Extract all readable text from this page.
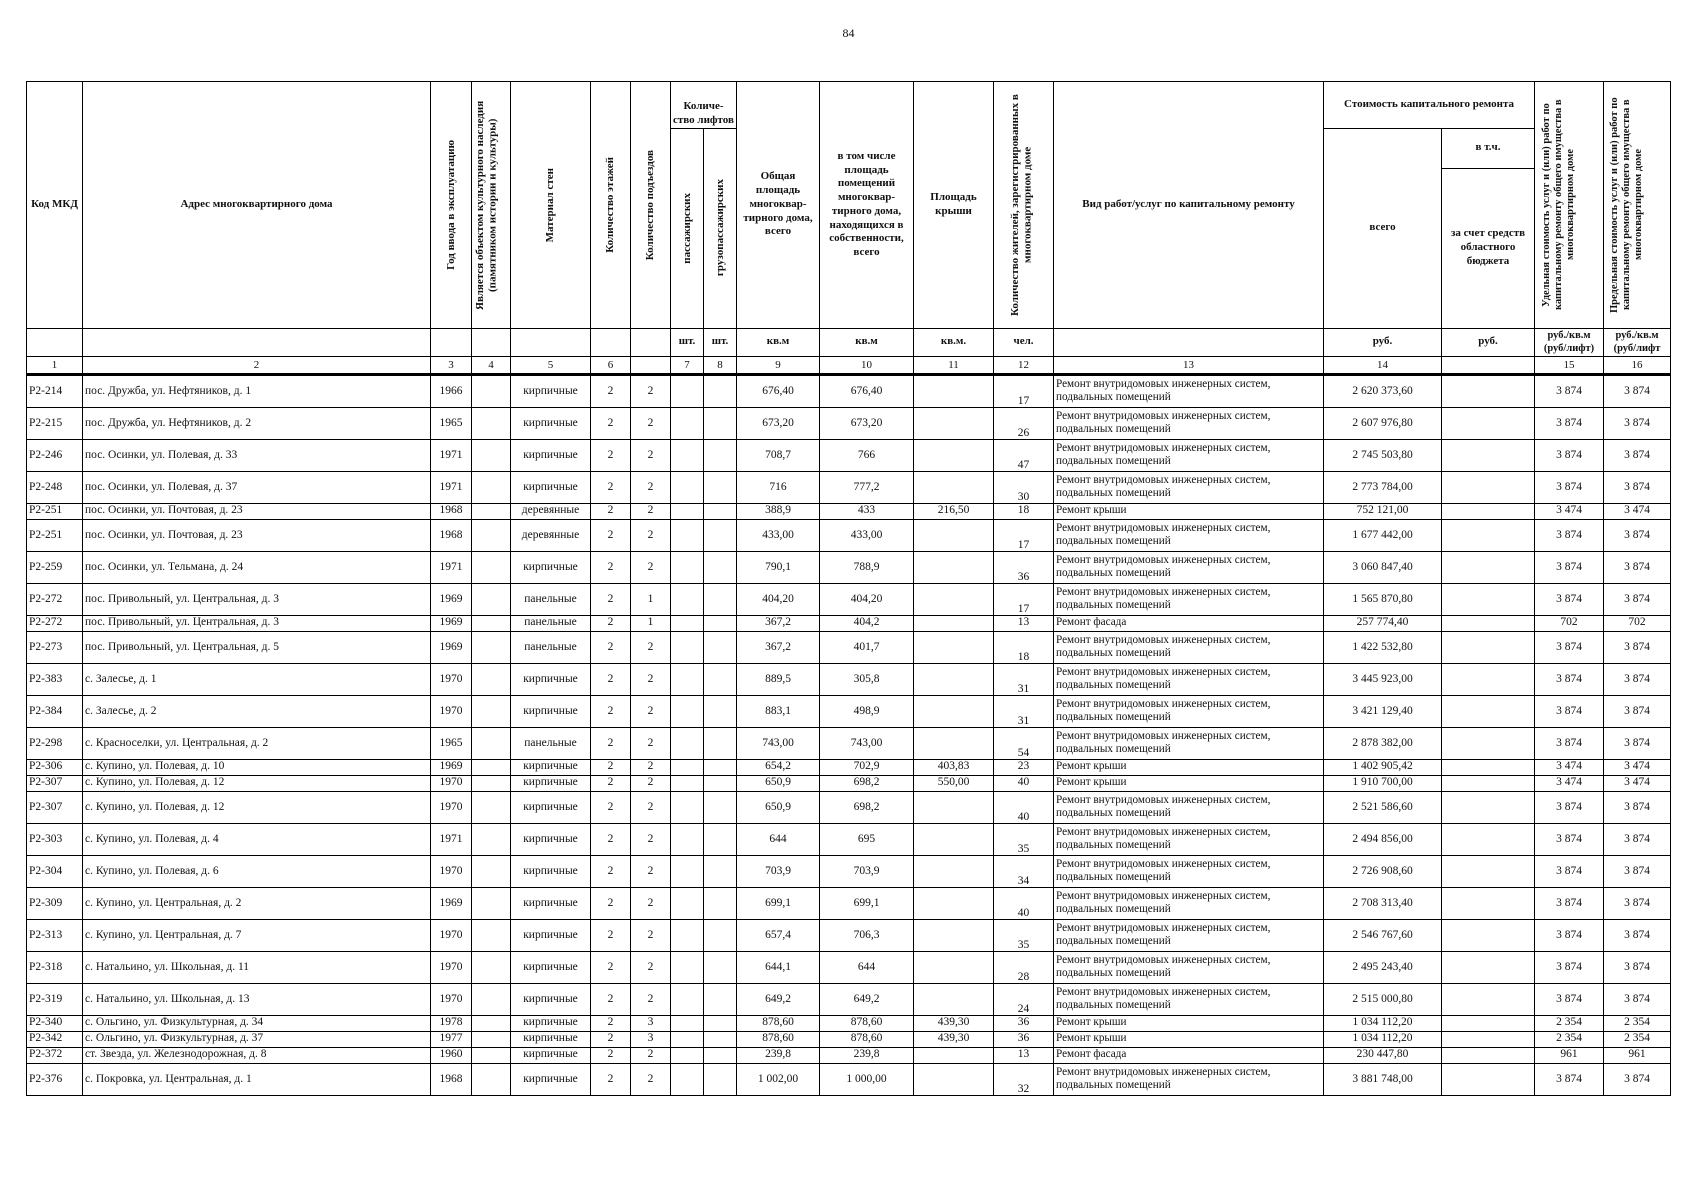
84
Код МКД	Адрес многоквартирного дома	Год ввода в эксплуатацию	Является объектом культурного наследия (памятником истории и культуры)	Материал стен	Количество этажей	Количество подъездов	Количе-ство лифтов		Общая площадь многоквар-тирного дома, всего	в том числе площадь помещений многоквар-тирного дома, находящихся в собственности, всего	Площадь крыши	Количество жителей, зарегистрированных в многоквартирном доме	Вид работ/услуг по капитальному ремонту	Стоимость капитального ремонта		Удельная стоимость услуг и (или) работ по капитальному ремонту общего имущества в многоквартирном доме	Предельная стоимость услуг и (или) работ по капитальному ремонту общего имущества в многоквартирном доме

							пассажирских	грузопассажирских						всего	в т.ч.		
															за счет средств областного бюджета		
							шт.	шт.	кв.м	кв.м	кв.м.	чел.		руб.	руб.	руб./кв.м (руб/лифт)	руб./кв.м (руб/лифт
1	2	3	4	5	6		7	8	9	10	11	12	13	14		15	16
Р2-214	пос. Дружба, ул. Нефтяников, д. 1	1966		кирпичные	2	2			676,40	676,40		17	Ремонт внутридомовых инженерных систем, подвальных помещений	2 620 373,60		3 874	3 874
Р2-215	пос. Дружба, ул. Нефтяников, д. 2	1965		кирпичные	2	2			673,20	673,20		26	Ремонт внутридомовых инженерных систем, подвальных помещений	2 607 976,80		3 874	3 874
Р2-246	пос. Осинки, ул. Полевая, д. 33	1971		кирпичные	2	2			708,7	766		47	Ремонт внутридомовых инженерных систем, подвальных помещений	2 745 503,80		3 874	3 874
Р2-248	пос. Осинки, ул. Полевая, д. 37	1971		кирпичные	2	2			716	777,2		30	Ремонт внутридомовых инженерных систем, подвальных помещений	2 773 784,00		3 874	3 874
Р2-251	пос. Осинки, ул. Почтовая, д. 23	1968		деревянные	2	2			388,9	433	216,50	18	Ремонт крыши	752 121,00		3 474	3 474
Р2-251	пос. Осинки, ул. Почтовая, д. 23	1968		деревянные	2	2			433,00	433,00		17	Ремонт внутридомовых инженерных систем, подвальных помещений	1 677 442,00		3 874	3 874
Р2-259	пос. Осинки, ул. Тельмана, д. 24	1971		кирпичные	2	2			790,1	788,9		36	Ремонт внутридомовых инженерных систем, подвальных помещений	3 060 847,40		3 874	3 874
Р2-272	пос. Привольный, ул. Центральная, д. 3	1969		панельные	2	1			404,20	404,20		17	Ремонт внутридомовых инженерных систем, подвальных помещений	1 565 870,80		3 874	3 874
Р2-272	пос. Привольный, ул. Центральная, д. 3	1969		панельные	2	1			367,2	404,2		13	Ремонт фасада	257 774,40		702	702
Р2-273	пос. Привольный, ул. Центральная, д. 5	1969		панельные	2	2			367,2	401,7		18	Ремонт внутридомовых инженерных систем, подвальных помещений	1 422 532,80		3 874	3 874
Р2-383	с. Залесье, д. 1	1970		кирпичные	2	2			889,5	305,8		31	Ремонт внутридомовых инженерных систем, подвальных помещений	3 445 923,00		3 874	3 874
Р2-384	с. Залесье, д. 2	1970		кирпичные	2	2			883,1	498,9		31	Ремонт внутридомовых инженерных систем, подвальных помещений	3 421 129,40		3 874	3 874
Р2-298	с. Красноселки, ул. Центральная, д. 2	1965		панельные	2	2			743,00	743,00		54	Ремонт внутридомовых инженерных систем, подвальных помещений	2 878 382,00		3 874	3 874
Р2-306	с. Купино, ул. Полевая, д. 10	1969		кирпичные	2	2			654,2	702,9	403,83	23	Ремонт крыши	1 402 905,42		3 474	3 474
Р2-307	с. Купино, ул. Полевая, д. 12	1970		кирпичные	2	2			650,9	698,2	550,00	40	Ремонт крыши	1 910 700,00		3 474	3 474
Р2-307	с. Купино, ул. Полевая, д. 12	1970		кирпичные	2	2			650,9	698,2		40	Ремонт внутридомовых инженерных систем, подвальных помещений	2 521 586,60		3 874	3 874
Р2-303	с. Купино, ул. Полевая, д. 4	1971		кирпичные	2	2			644	695		35	Ремонт внутридомовых инженерных систем, подвальных помещений	2 494 856,00		3 874	3 874
Р2-304	с. Купино, ул. Полевая, д. 6	1970		кирпичные	2	2			703,9	703,9		34	Ремонт внутридомовых инженерных систем, подвальных помещений	2 726 908,60		3 874	3 874
Р2-309	с. Купино, ул. Центральная, д. 2	1969		кирпичные	2	2			699,1	699,1		40	Ремонт внутридомовых инженерных систем, подвальных помещений	2 708 313,40		3 874	3 874
Р2-313	с. Купино, ул. Центральная, д. 7	1970		кирпичные	2	2			657,4	706,3		35	Ремонт внутридомовых инженерных систем, подвальных помещений	2 546 767,60		3 874	3 874
Р2-318	с. Натальино, ул. Школьная, д. 11	1970		кирпичные	2	2			644,1	644		28	Ремонт внутридомовых инженерных систем, подвальных помещений	2 495 243,40		3 874	3 874
Р2-319	с. Натальино, ул. Школьная, д. 13	1970		кирпичные	2	2			649,2	649,2		24	Ремонт внутридомовых инженерных систем, подвальных помещений	2 515 000,80		3 874	3 874
Р2-340	с. Ольгино, ул. Физкультурная, д. 34	1978		кирпичные	2	3			878,60	878,60	439,30	36	Ремонт крыши	1 034 112,20		2 354	2 354
Р2-342	с. Ольгино, ул. Физкультурная, д. 37	1977		кирпичные	2	3			878,60	878,60	439,30	36	Ремонт крыши	1 034 112,20		2 354	2 354
Р2-372	ст. Звезда, ул. Железнодорожная, д. 8	1960		кирпичные	2	2			239,8	239,8		13	Ремонт фасада	230 447,80		961	961
Р2-376	с. Покровка, ул. Центральная, д. 1	1968		кирпичные	2	2			1 002,00	1 000,00		32	Ремонт внутридомовых инженерных систем, подвальных помещений	3 881 748,00		3 874	3 874
